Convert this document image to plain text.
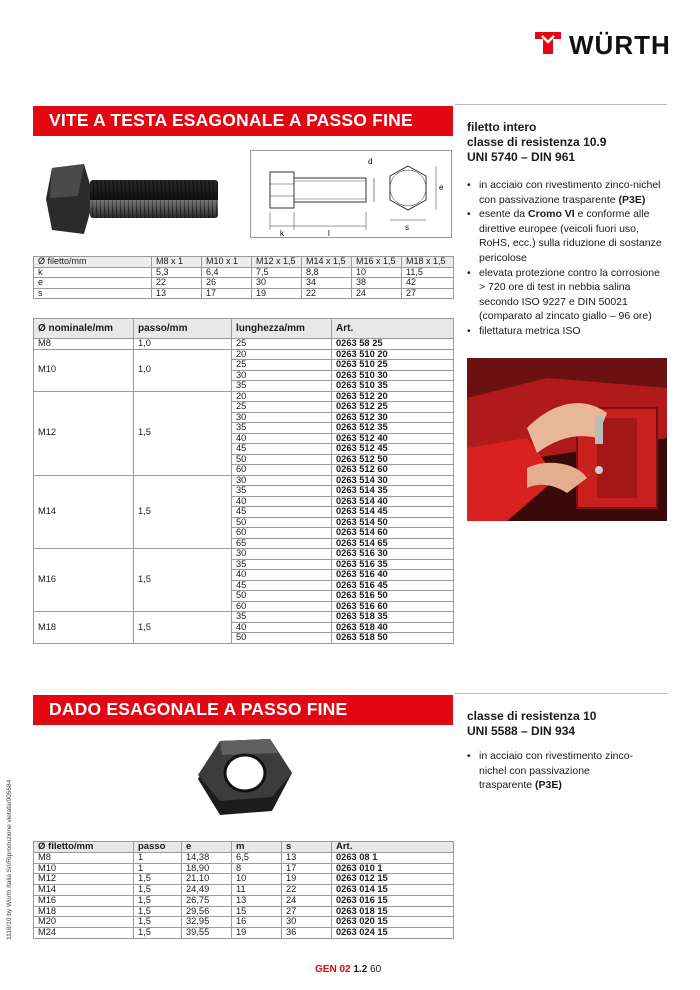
WÜRTH
VITE A TESTA ESAGONALE A PASSO FINE	filetto intero
classe di resistenza 10.9
UNI 5740 – DIN 961
• in acciaio con rivestimento zinco-nichel con passivazione trasparente (P3E)
• esente da Cromo VI e conforme alle direttive europee (veicoli fuori uso, RoHS, ecc.) sulla riduzione di sostanze pericolose
• elevata protezione contro la corrosione > 720 ore di test in nebbia salina secondo ISO 9227 e DIN 50021 (comparato al zincato giallo – 96 ore)
• filettatura metrica ISO
k	l
d
e
s
Ø filetto/mm	M8 x 1	M10 x 1	M12 x 1,5	M14 x 1,5	M16 x 1,5	M18 x 1,5
k	5,3	6,4	7,5	8,8	10	11,5
e	22	26	30	34	38	42
s	13	17	19	22	24	27
Ø nominale/mm	passo/mm	lunghezza/mm	Art.
M8	1,0	25	0263 58 25
M10	1,0	20	0263 510 20
		25	0263 510 25
		30	0263 510 30
		35	0263 510 35
M12	1,5	20	0263 512 20
		25	0263 512 25
		30	0263 512 30
		35	0263 512 35
		40	0263 512 40
		45	0263 512 45
		50	0263 512 50
		60	0263 512 60
M14	1,5	30	0263 514 30
		35	0263 514 35
		40	0263 514 40
		45	0263 514 45
		50	0263 514 50
		60	0263 514 60
		65	0263 514 65
M16	1,5	30	0263 516 30
		35	0263 516 35
		40	0263 516 40
		45	0263 516 45
		50	0263 516 50
		60	0263 516 60
M18	1,5	35	0263 518 35
		40	0263 518 40
		50	0263 518 50
DADO ESAGONALE A PASSO FINE	classe di resistenza 10
UNI 5588 – DIN 934
• in acciaio con rivestimento zinco-nichel con passivazione trasparente (P3E)
Ø filetto/mm	passo	e	m	s	Art.
M8	1	14,38	6,5	13	0263 08 1
M10	1	18,90	8	17	0263 010 1
M12	1,5	21,10	10	19	0263 012 15
M14	1,5	24,49	11	22	0263 014 15
M16	1,5	26,75	13	24	0263 016 15
M18	1,5	29,56	15	27	0263 018 15
M20	1,5	32,95	16	30	0263 020 15
M24	1,5	39,55	19	36	0263 024 15
1118/10 by Würth Italia Srl/Riproduzione vietata/005684
GEN 02 1.2 60
